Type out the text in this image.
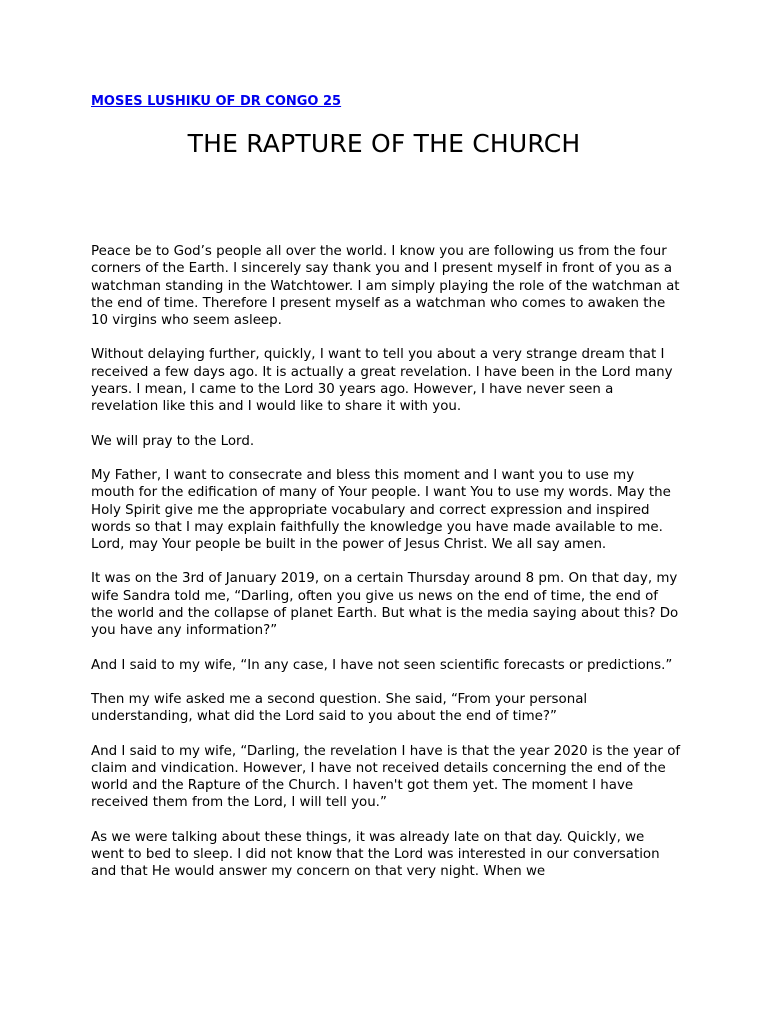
MOSES LUSHIKU OF DR CONGO 25
THE RAPTURE OF THE CHURCH

Peace be to God’s people all over the world. I know you are following us from the four corners of the Earth. I sincerely say thank you and I present myself in front of you as a watchman standing in the Watchtower. I am simply playing the role of the watchman at the end of time. Therefore I present myself as a watchman who comes to awaken the 10 virgins who seem asleep.

Without delaying further, quickly, I want to tell you about a very strange dream that I received a few days ago. It is actually a great revelation. I have been in the Lord many years. I mean, I came to the Lord 30 years ago. However, I have never seen a revelation like this and I would like to share it with you.

We will pray to the Lord.

My Father, I want to consecrate and bless this moment and I want you to use my mouth for the edification of many of Your people. I want You to use my words. May the Holy Spirit give me the appropriate vocabulary and correct expression and inspired words so that I may explain faithfully the knowledge you have made available to me. Lord, may Your people be built in the power of Jesus Christ. We all say amen.

It was on the 3rd of January 2019, on a certain Thursday around 8 pm. On that day, my wife Sandra told me, “Darling, often you give us news on the end of time, the end of the world and the collapse of planet Earth. But what is the media saying about this? Do you have any information?”

And I said to my wife, “In any case, I have not seen scientific forecasts or predictions.”

Then my wife asked me a second question. She said, “From your personal understanding, what did the Lord said to you about the end of time?”

And I said to my wife, “Darling, the revelation I have is that the year 2020 is the year of claim and vindication. However, I have not received details concerning the end of the world and the Rapture of the Church. I haven't got them yet. The moment I have received them from the Lord, I will tell you.”

As we were talking about these things, it was already late on that day. Quickly, we went to bed to sleep. I did not know that the Lord was interested in our conversation and that He would answer my concern on that very night. When we
